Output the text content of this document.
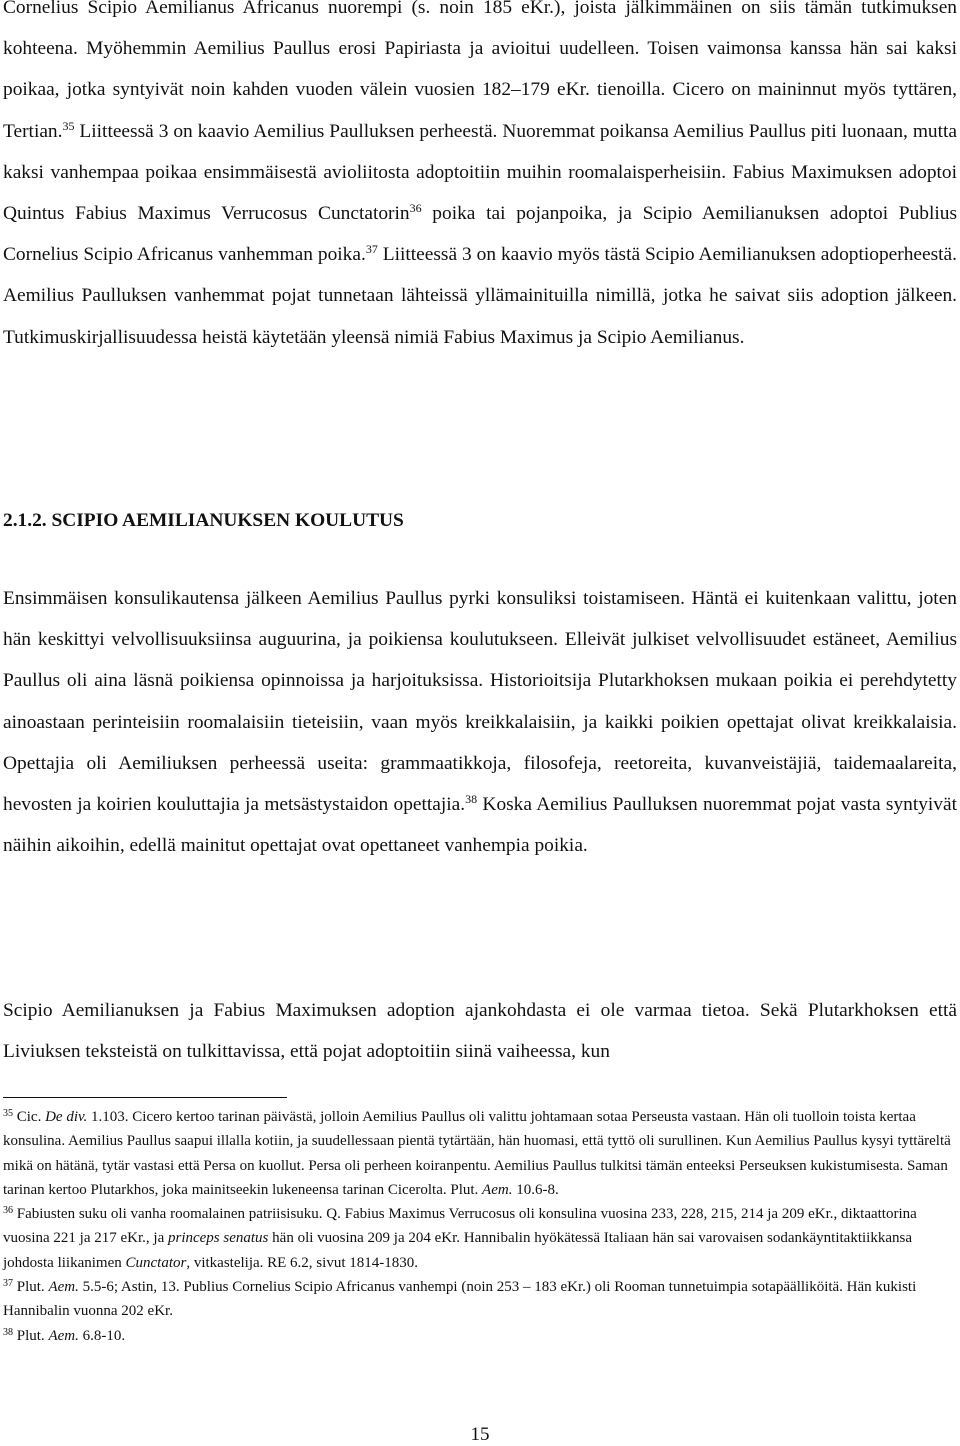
Cornelius Scipio Aemilianus Africanus nuorempi (s. noin 185 eKr.), joista jälkimmäinen on siis tämän tutkimuksen kohteena. Myöhemmin Aemilius Paullus erosi Papiriasta ja avioitui uudelleen. Toisen vaimonsa kanssa hän sai kaksi poikaa, jotka syntyivät noin kahden vuoden välein vuosien 182–179 eKr. tienoilla. Cicero on maininnut myös tyttären, Tertian.$^{35}$ Liitteessä 3 on kaavio Aemilius Paulluksen perheestä. Nuoremmat poikansa Aemilius Paullus piti luonaan, mutta kaksi vanhempaa poikaa ensimmäisestä avioliitosta adoptoitiin muihin roomalaisperheisiin. Fabius Maximuksen adoptoi Quintus Fabius Maximus Verrucosus Cunctatorin$^{36}$ poika tai pojanpoika, ja Scipio Aemilianuksen adoptoi Publius Cornelius Scipio Africanus vanhemman poika.$^{37}$ Liitteessä 3 on kaavio myös tästä Scipio Aemilianuksen adoptioperheestä. Aemilius Paulluksen vanhemmat pojat tunnetaan lähteissä yllämainituilla nimillä, jotka he saivat siis adoption jälkeen. Tutkimuskirjallisuudessa heistä käytetään yleensä nimiä Fabius Maximus ja Scipio Aemilianus.

2.1.2. SCIPIO AEMILIANUKSEN KOULUTUS

Ensimmäisen konsulikautensa jälkeen Aemilius Paullus pyrki konsuliksi toistamiseen. Häntä ei kuitenkaan valittu, joten hän keskittyi velvollisuuksiinsa auguurina, ja poikiensa koulutukseen. Elleivät julkiset velvollisuudet estäneet, Aemilius Paullus oli aina läsnä poikiensa opinnoissa ja harjoituksissa. Historioitsija Plutarkhoksen mukaan poikia ei perehdytetty ainoastaan perinteisiin roomalaisiin tieteisiin, vaan myös kreikkalaisiin, ja kaikki poikien opettajat olivat kreikkalaisia. Opettajia oli Aemiliuksen perheessä useita: grammaatikkoja, filosofeja, reetoreita, kuvanveistäjiä, taidemaalareita, hevosten ja koirien kouluttajia ja metsästystaidon opettajia.$^{38}$ Koska Aemilius Paulluksen nuoremmat pojat vasta syntyivät näihin aikoihin, edellä mainitut opettajat ovat opettaneet vanhempia poikia.

Scipio Aemilianuksen ja Fabius Maximuksen adoption ajankohdasta ei ole varmaa tietoa. Sekä Plutarkhoksen että Liviuksen teksteistä on tulkittavissa, että pojat adoptoitiin siinä vaiheessa, kun

$^{35}$ Cic. De div. 1.103. Cicero kertoo tarinan päivästä, jolloin Aemilius Paullus oli valittu johtamaan sotaa Perseusta vastaan. Hän oli tuolloin toista kertaa konsulina. Aemilius Paullus saapui illalla kotiin, ja suudellessaan pientä tytärtään, hän huomasi, että tyttö oli surullinen. Kun Aemilius Paullus kysyi tyttäreltä mikä on hätänä, tytär vastasi että Persa on kuollut. Persa oli perheen koiranpentu. Aemilius Paullus tulkitsi tämän enteeksi Perseuksen kukistumisesta. Saman tarinan kertoo Plutarkhos, joka mainitseekin lukeneensa tarinan Cicerolta. Plut. Aem. 10.6-8.

$^{36}$ Fabiusten suku oli vanha roomalainen patriisisuku. Q. Fabius Maximus Verrucosus oli konsulina vuosina 233, 228, 215, 214 ja 209 eKr., diktaattorina vuosina 221 ja 217 eKr., ja princeps senatus hän oli vuosina 209 ja 204 eKr. Hannibalin hyökätessä Italiaan hän sai varovaisen sodankäyntitaktiikkansa johdosta liikanimen Cunctator, vitkastelija. RE 6.2, sivut 1814-1830.

$^{37}$ Plut. Aem. 5.5-6; Astin, 13. Publius Cornelius Scipio Africanus vanhempi (noin 253 – 183 eKr.) oli Rooman tunnetuimpia sotapäälliköitä. Hän kukisti Hannibalin vuonna 202 eKr.

$^{38}$ Plut. Aem. 6.8-10.

15
